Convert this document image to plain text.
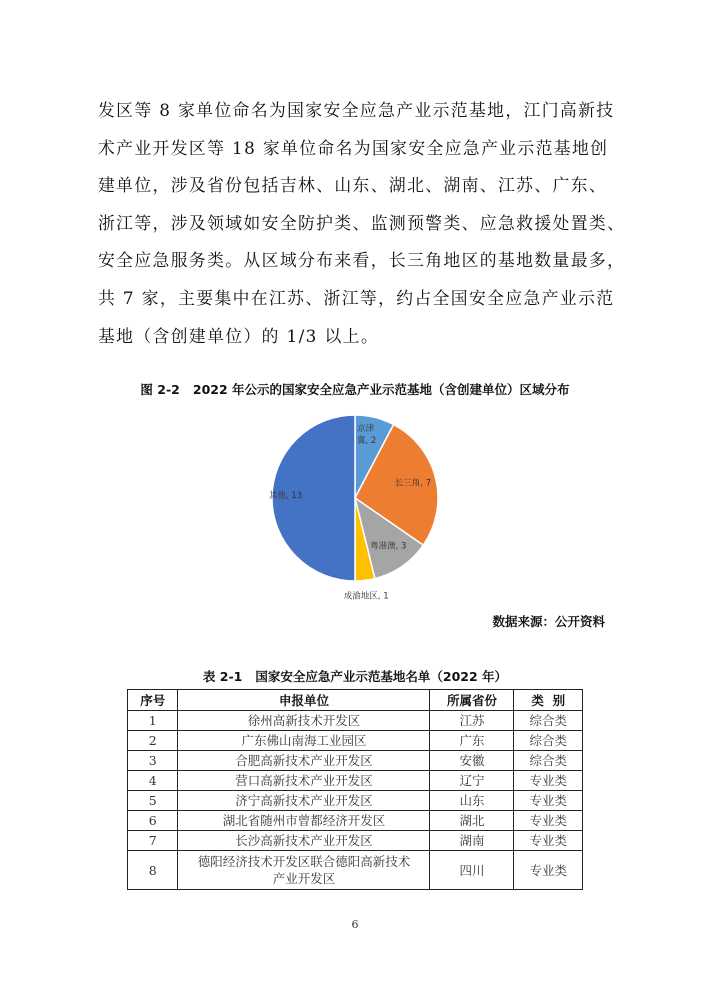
发区等 8 家单位命名为国家安全应急产业示范基地，江门高新技
术产业开发区等 18 家单位命名为国家安全应急产业示范基地创
建单位，涉及省份包括吉林、山东、湖北、湖南、江苏、广东、
浙江等，涉及领域如安全防护类、监测预警类、应急救援处置类、
安全应急服务类。从区域分布来看，长三角地区的基地数量最多，
共 7 家，主要集中在江苏、浙江等，约占全国安全应急产业示范
基地（含创建单位）的 1/3 以上。
图 2-2   2022 年公示的国家安全应急产业示范基地（含创建单位）区域分布
京津冀, 2
长三角, 7
粤港澳, 3
成渝地区, 1
其他, 13
数据来源：公开资料
表 2-1   国家安全应急产业示范基地名单（2022 年）
序号	申报单位	所属省份	类  别
1	徐州高新技术开发区	江苏	综合类
2	广东佛山南海工业园区	广东	综合类
3	合肥高新技术产业开发区	安徽	综合类
4	营口高新技术产业开发区	辽宁	专业类
5	济宁高新技术产业开发区	山东	专业类
6	湖北省随州市曾都经济开发区	湖北	专业类
7	长沙高新技术产业开发区	湖南	专业类
8	德阳经济技术开发区联合德阳高新技术产业开发区	四川	专业类
6
